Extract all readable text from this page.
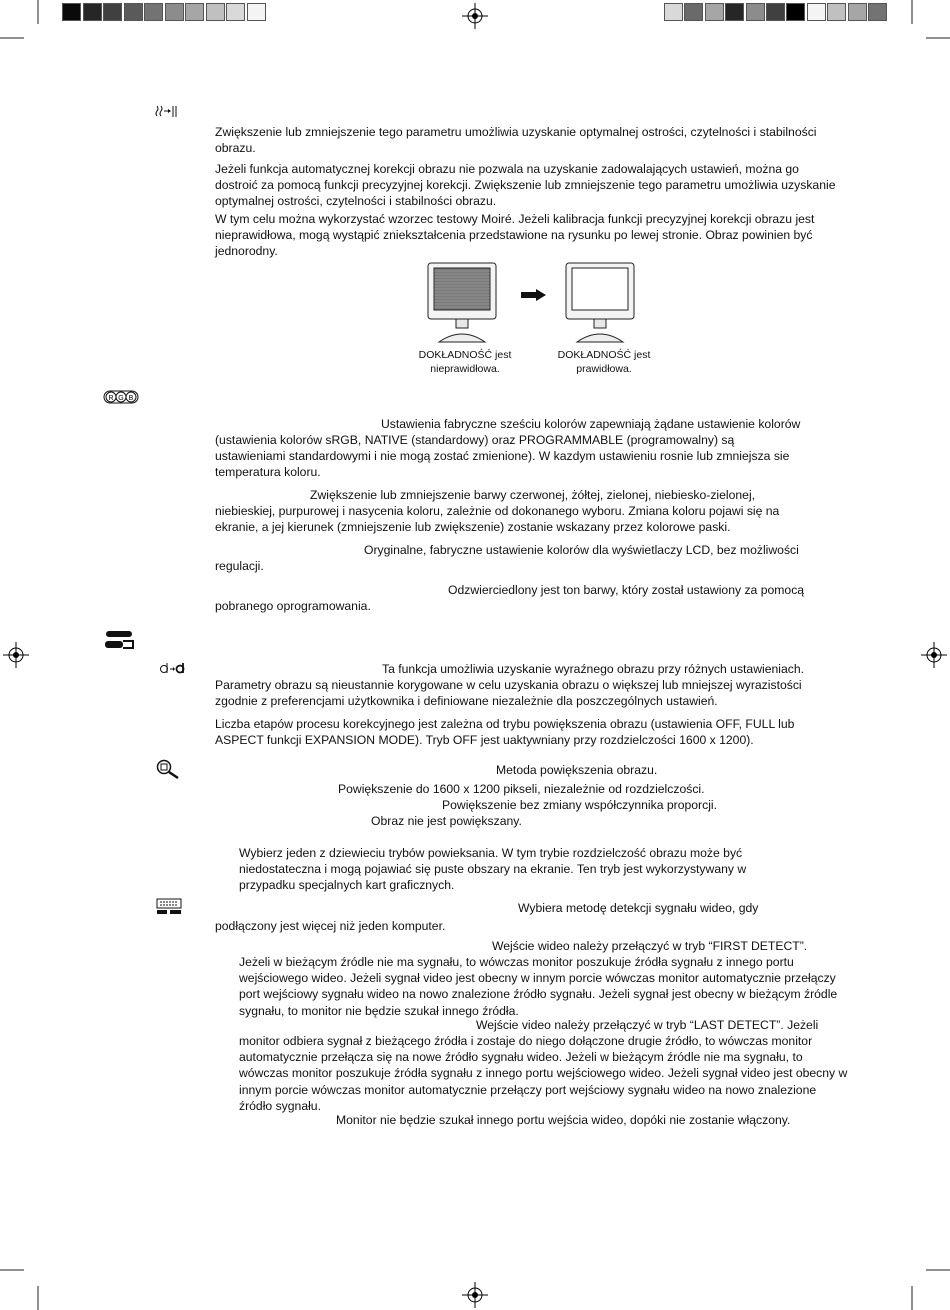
Zwiększenie lub zmniejszenie tego parametru umożliwia uzyskanie optymalnej ostrości, czytelności i stabilności obrazu.

Jeżeli funkcja automatycznej korekcji obrazu nie pozwala na uzyskanie zadowalających ustawień, można go dostroić za pomocą funkcji precyzyjnej korekcji. Zwiększenie lub zmniejszenie tego parametru umożliwia uzyskanie optymalnej ostrości, czytelności i stabilności obrazu.

W tym celu można wykorzystać wzorzec testowy Moiré. Jeżeli kalibracja funkcji precyzyjnej korekcji obrazu jest nieprawidłowa, mogą wystąpić zniekształcenia przedstawione na rysunku po lewej stronie. Obraz powinien być jednorodny.

DOKŁADNOŚĆ jest
nieprawidłowa.
DOKŁADNOŚĆ jest
prawidłowa.
R G B

Ustawienia fabryczne sześciu kolorów zapewniają żądane ustawienie kolorów

(ustawienia kolorów sRGB, NATIVE (standardowy) oraz PROGRAMMABLE (programowalny) są

ustawieniami standardowymi i nie mogą zostać zmienione). W kazdym ustawieniu rosnie lub zmniejsza sie

temperatura koloru.

Zwiększenie lub zmniejszenie barwy czerwonej, żółtej, zielonej, niebiesko-zielonej,

niebieskiej, purpurowej i nasycenia koloru, zależnie od dokonanego wyboru. Zmiana koloru pojawi się na

ekranie, a jej kierunek (zmniejszenie lub zwiększenie) zostanie wskazany przez kolorowe paski.

Oryginalne, fabryczne ustawienie kolorów dla wyświetlaczy LCD, bez możliwości

regulacji.

Odzwierciedlony jest ton barwy, który został ustawiony za pomocą

pobranego oprogramowania.

Ta funkcja umożliwia uzyskanie wyraźnego obrazu przy różnych ustawieniach.

Parametry obrazu są nieustannie korygowane w celu uzyskania obrazu o większej lub mniejszej wyrazistości

zgodnie z preferencjami użytkownika i definiowane niezależnie dla poszczególnych ustawień.

Liczba etapów procesu korekcyjnego jest zależna od trybu powiększenia obrazu (ustawienia OFF, FULL lub ASPECT funkcji EXPANSION MODE). Tryb OFF jest uaktywniany przy rozdzielczości 1600 x 1200).

Metoda powiększenia obrazu.

Powiększenie do 1600 x 1200 pikseli, niezależnie od rozdzielczości.

Powiększenie bez zmiany współczynnika proporcji.

Obraz nie jest powiększany.

Wybierz jeden z dziewieciu trybów powieksania. W tym trybie rozdzielczość obrazu może być niedostateczna i mogą pojawiać się puste obszary na ekranie. Ten tryb jest wykorzystywany w przypadku specjalnych kart graficznych.

Wybiera metodę detekcji sygnału wideo, gdy

podłączony jest więcej niż jeden komputer.

Wejście wideo należy przełączyć w tryb “FIRST DETECT”.

Jeżeli w bieżącym źródle nie ma sygnału, to wówczas monitor poszukuje źródła sygnału z innego portu wejściowego wideo. Jeżeli sygnał video jest obecny w innym porcie wówczas monitor automatycznie przełączy port wejściowy sygnału wideo na nowo znalezione źródło sygnału. Jeżeli sygnał jest obecny w bieżącym źródle sygnału, to monitor nie będzie szukał innego źródła.

Wejście video należy przełączyć w tryb “LAST DETECT”. Jeżeli

monitor odbiera sygnał z bieżącego źródła i zostaje do niego dołączone drugie źródło, to wówczas monitor automatycznie przełącza się na nowe źródło sygnału wideo. Jeżeli w bieżącym źródle nie ma sygnału, to wówczas monitor poszukuje źródła sygnału z innego portu wejściowego wideo. Jeżeli sygnał video jest obecny w innym porcie wówczas monitor automatycznie przełączy port wejściowy sygnału wideo na nowo znalezione źródło sygnału.

Monitor nie będzie szukał innego portu wejścia wideo, dopóki nie zostanie włączony.
